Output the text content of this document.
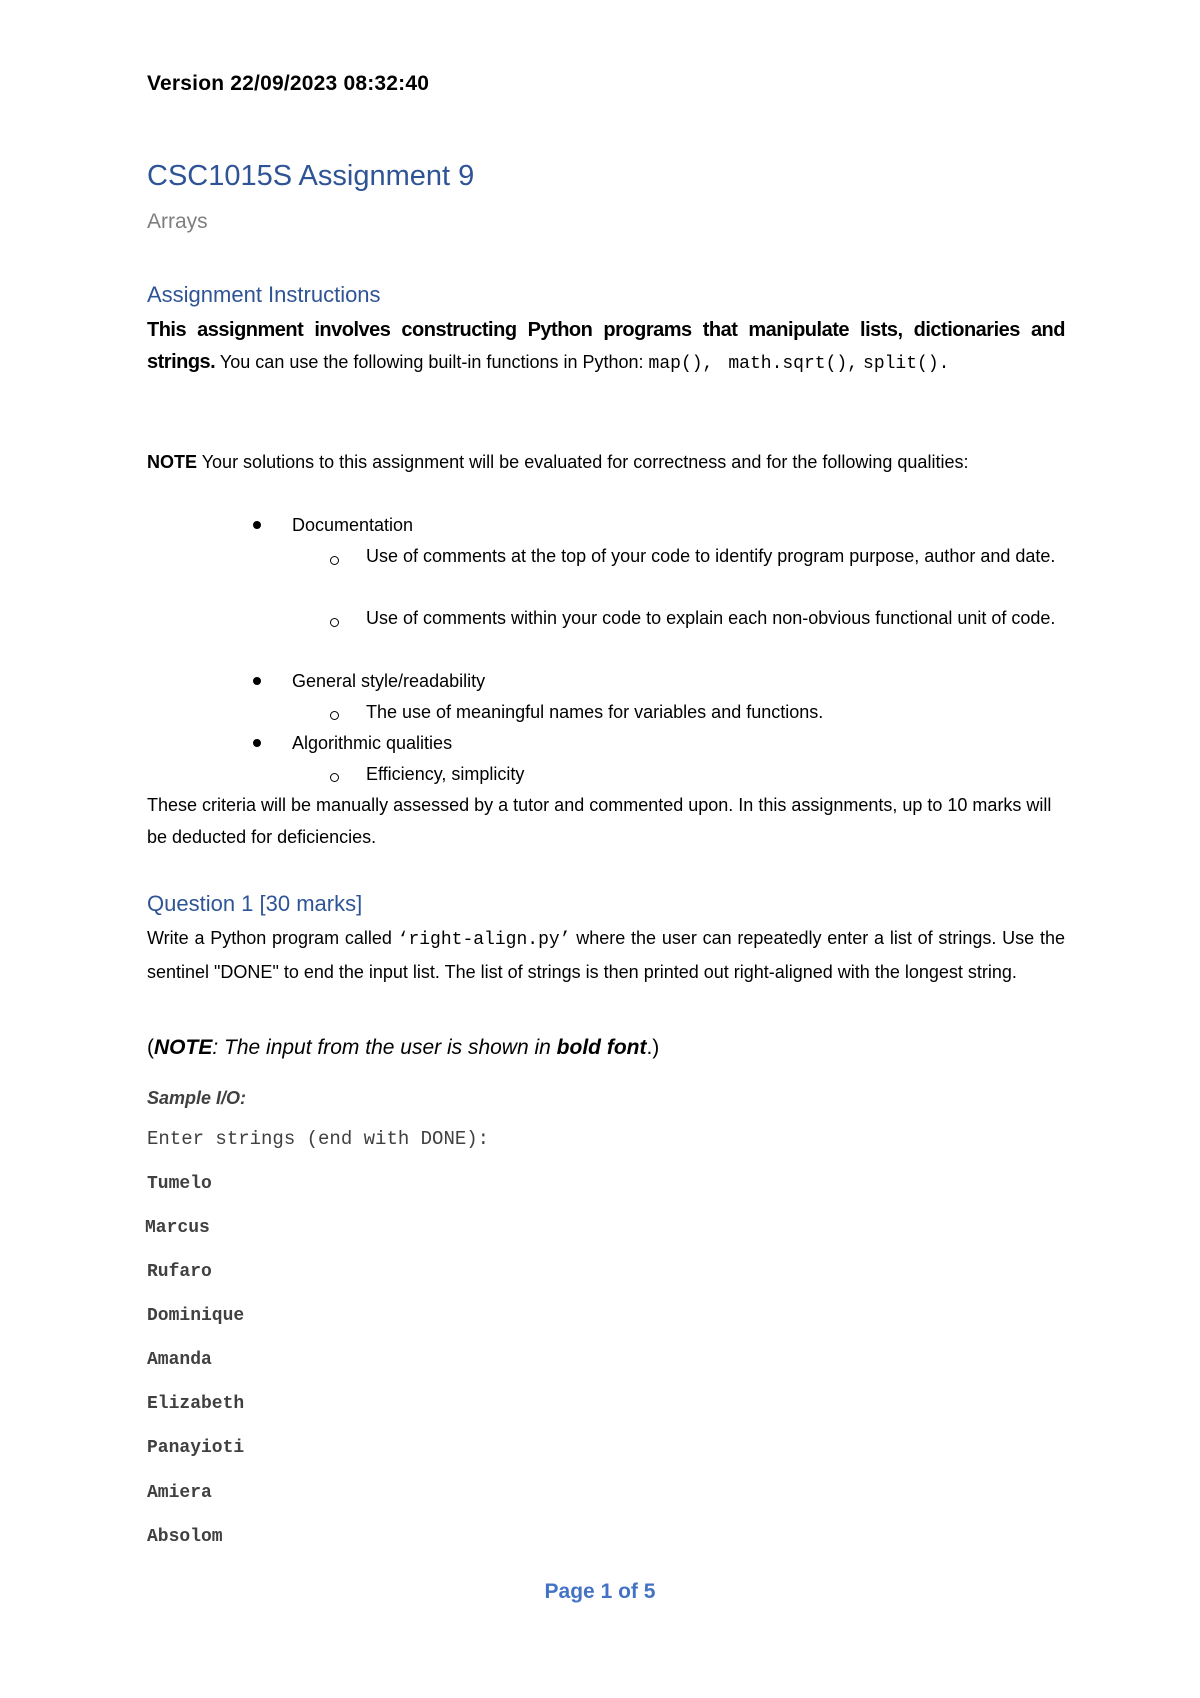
Version 22/09/2023 08:32:40
CSC1015S Assignment 9
Arrays
Assignment Instructions
This assignment involves constructing Python programs that manipulate lists, dictionaries and strings. You can use the following built-in functions in Python: map(), math.sqrt(), split().
NOTE Your solutions to this assignment will be evaluated for correctness and for the following qualities:
Documentation
Use of comments at the top of your code to identify program purpose, author and date.
Use of comments within your code to explain each non-obvious functional unit of code.
General style/readability
The use of meaningful names for variables and functions.
Algorithmic qualities
Efficiency, simplicity
These criteria will be manually assessed by a tutor and commented upon. In this assignments, up to 10 marks will be deducted for deficiencies.
Question 1 [30 marks]
Write a Python program called ‘right-align.py’ where the user can repeatedly enter a list of strings. Use the sentinel "DONE" to end the input list. The list of strings is then printed out right-aligned with the longest string.
(NOTE: The input from the user is shown in bold font.)
Sample I/O:
Enter strings (end with DONE):
Tumelo
Marcus
Rufaro
Dominique
Amanda
Elizabeth
Panayioti
Amiera
Absolom
Page 1 of 5
